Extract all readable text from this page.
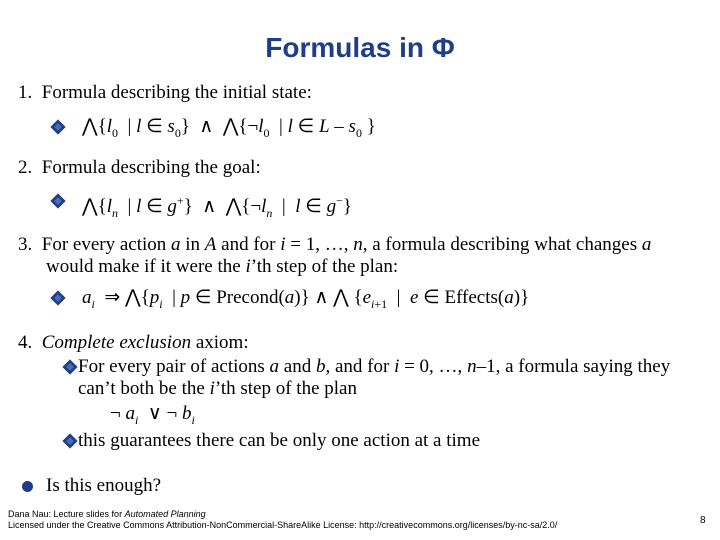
Formulas in Φ
1. Formula describing the initial state:
$⋀\{l_0$  | l ∈ $s_0$}  ∧  $⋀\{\neg l_0$  | l ∈ L – $s_0$ }
2. Formula describing the goal:
$⋀\{l_n$  | l ∈ g+}  ∧  $⋀\{\neg l_n$  |  l ∈ g−}
3.  For every action a in A and for i = 1, …, n, a formula describing what changes a
would make if it were the i’th step of the plan:
$a_i$  ⇒ $⋀\{p_i$  | p ∈ Precond(a)} ∧ ⋀ {$e_{i+1}$  |  e ∈ Effects(a)}
4. Complete exclusion axiom:
For every pair of actions a and b, and for i = 0, …, n–1, a formula saying they
can’t both be the i’th step of the plan
¬ $a_i$  ∨ ¬ $b_i$
this guarantees there can be only one action at a time
Is this enough?
Dana Nau: Lecture slides for Automated Planning
Licensed under the Creative Commons Attribution-NonCommercial-ShareAlike License: http://creativecommons.org/licenses/by-nc-sa/2.0/	8
